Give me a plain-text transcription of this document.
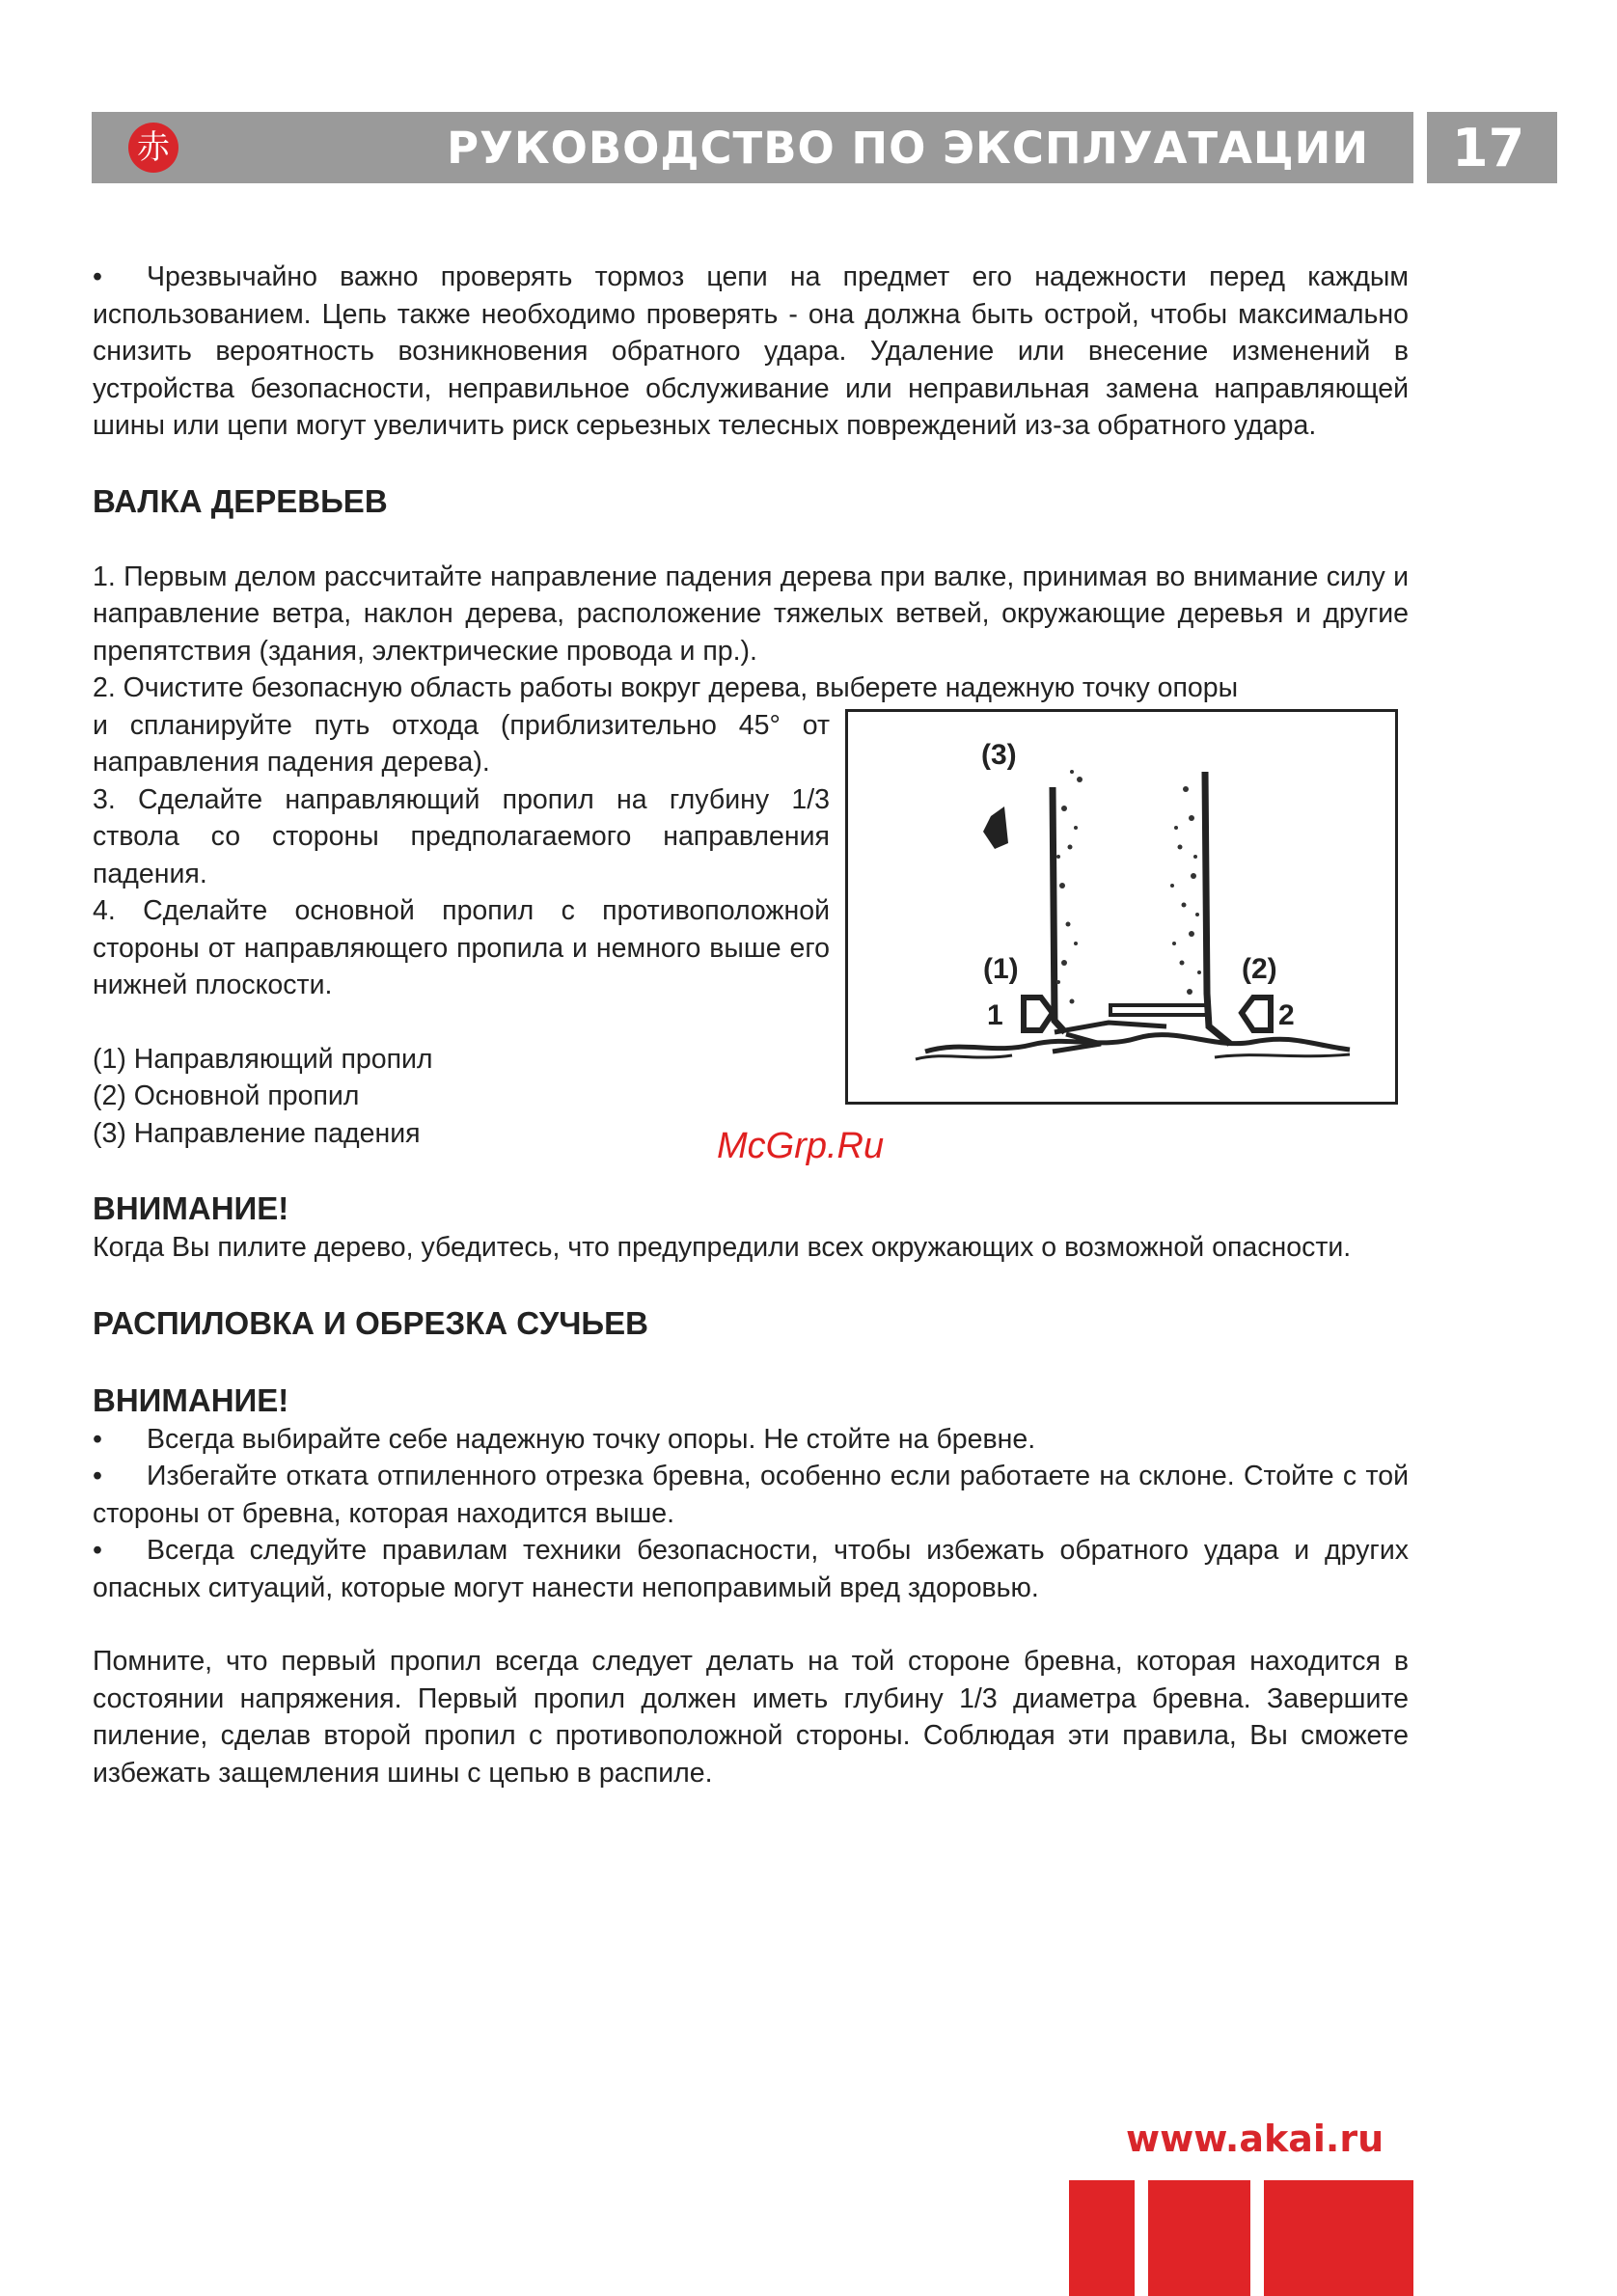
赤	РУКОВОДСТВО ПО ЭКСПЛУАТАЦИИ	17

• Чрезвычайно важно проверять тормоз цепи на предмет его надежности перед каждым использованием. Цепь также необходимо проверять - она должна быть острой, чтобы максимально снизить вероятность возникновения обратного удара. Удаление или внесение изменений в устройства безопасности, неправильное обслуживание или неправильная замена направляющей шины или цепи могут увеличить риск серьезных телесных повреждений из-за обратного удара.

ВАЛКА ДЕРЕВЬЕВ

1. Первым делом рассчитайте направление падения дерева при валке, принимая во внимание силу и направление ветра, наклон дерева, расположение тяжелых ветвей, окружающие деревья и другие препятствия (здания, электрические провода и пр.).

2. Очистите безопасную область работы вокруг дерева, выберете надежную точку опоры

(3)
(1)
1
(2)
2

и спланируйте путь отхода (приблизительно 45° от направления падения дерева).

3. Сделайте направляющий пропил на глубину 1/3 ствола со стороны предполагаемого направления падения.

4. Сделайте основной пропил с противоположной стороны от направляющего пропила и немного выше его нижней плоскости.

(1) Направляющий пропил

(2) Основной пропил

(3) Направление падения

ВНИМАНИЕ!

Когда Вы пилите дерево, убедитесь, что предупредили всех окружающих о возможной опасности.

РАСПИЛОВКА И ОБРЕЗКА СУЧЬЕВ
ВНИМАНИЕ!

• Всегда выбирайте себе надежную точку опоры. Не стойте на бревне.

• Избегайте отката отпиленного отрезка бревна, особенно если работаете на склоне. Стойте с той стороны от бревна, которая находится выше.

• Всегда следуйте правилам техники безопасности, чтобы избежать обратного удара и других опасных ситуаций, которые могут нанести непоправимый вред здоровью.

Помните, что первый пропил всегда следует делать на той стороне бревна, которая находится в состоянии напряжения. Первый пропил должен иметь глубину 1/3 диаметра бревна. Завершите пиление, сделав второй пропил с противоположной стороны. Соблюдая эти правила, Вы сможете избежать защемления шины с цепью в распиле.

McGrp.Ru
www.akai.ru
